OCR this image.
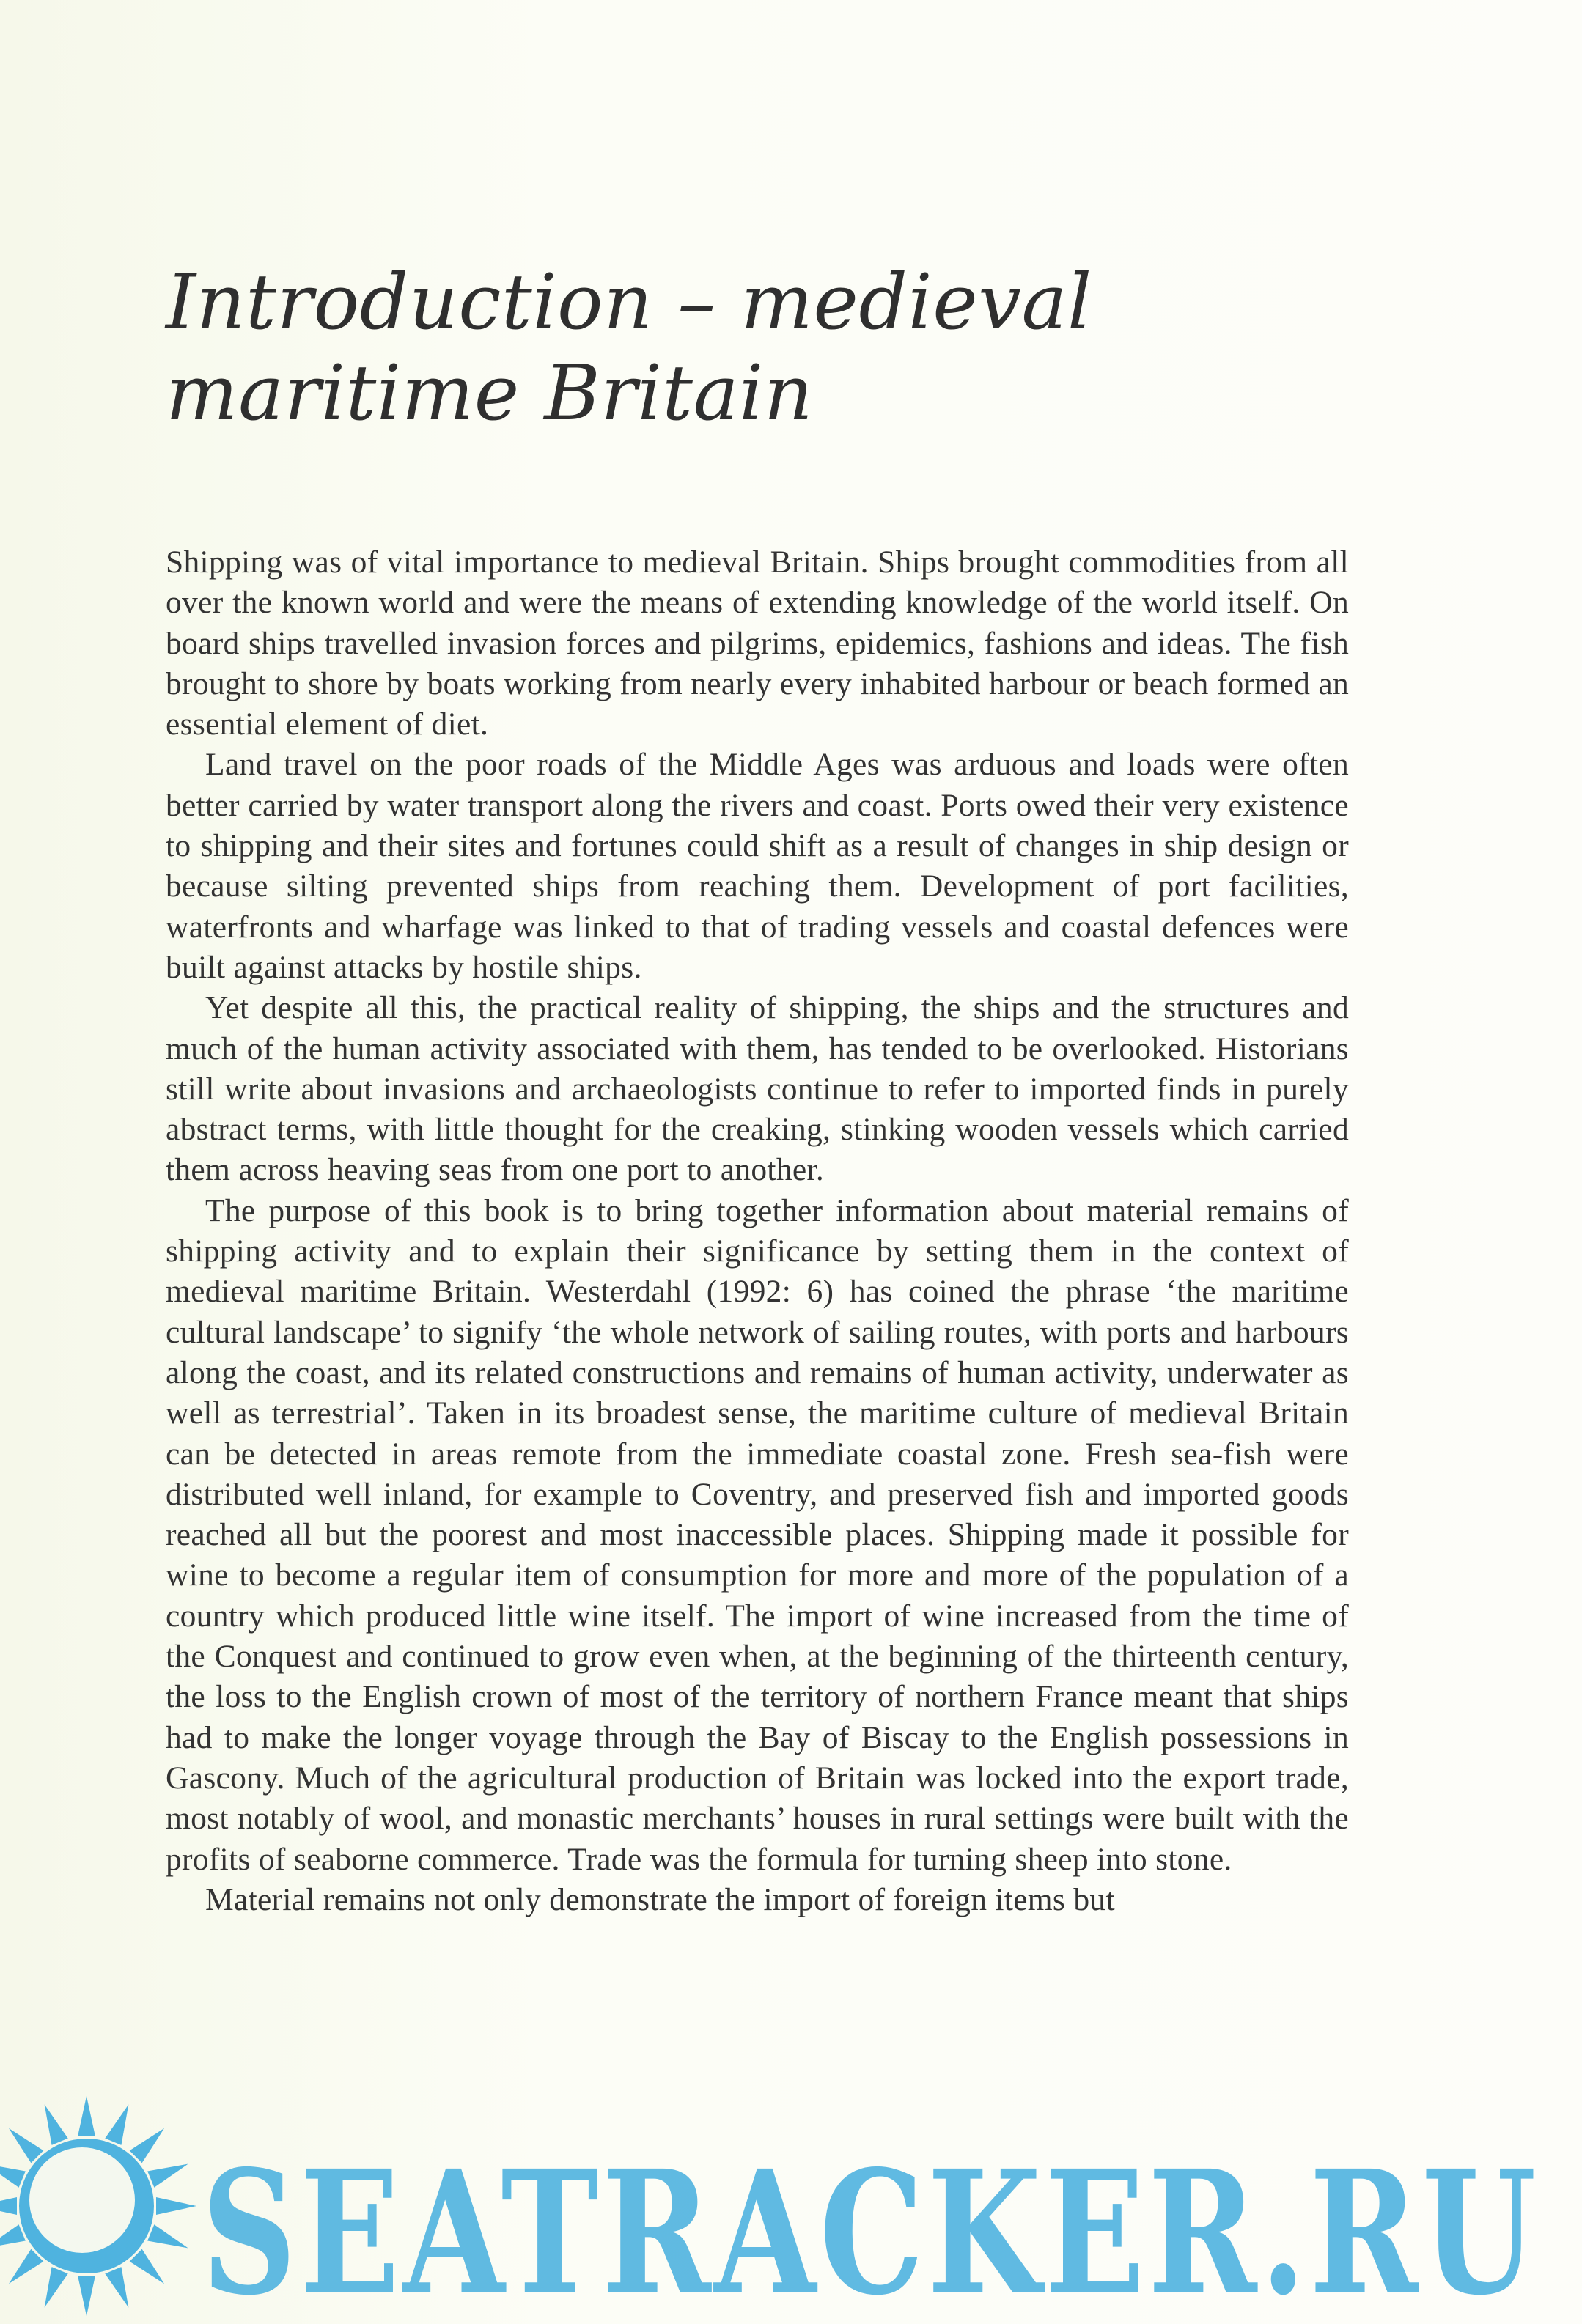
Introduction – medieval
maritime Britain

Shipping was of vital importance to medieval Britain. Ships brought commodities from all over the known world and were the means of extending knowledge of the world itself. On board ships travelled invasion forces and pilgrims, epidemics, fashions and ideas. The fish brought to shore by boats working from nearly every inhabited harbour or beach formed an essential element of diet.

Land travel on the poor roads of the Middle Ages was arduous and loads were often better carried by water transport along the rivers and coast. Ports owed their very existence to shipping and their sites and fortunes could shift as a result of changes in ship design or because silting prevented ships from reaching them. Development of port facilities, waterfronts and wharfage was linked to that of trading vessels and coastal defences were built against attacks by hostile ships.

Yet despite all this, the practical reality of shipping, the ships and the structures and much of the human activity associated with them, has tended to be overlooked. Historians still write about invasions and archaeologists continue to refer to imported finds in purely abstract terms, with little thought for the creaking, stinking wooden vessels which carried them across heaving seas from one port to another.

The purpose of this book is to bring together information about material remains of shipping activity and to explain their significance by setting them in the context of medieval maritime Britain. Westerdahl (1992: 6) has coined the phrase ‘the maritime cultural landscape’ to signify ‘the whole network of sailing routes, with ports and harbours along the coast, and its related constructions and remains of human activity, underwater as well as terrestrial’. Taken in its broadest sense, the maritime culture of medieval Britain can be detected in areas remote from the immediate coastal zone. Fresh sea-fish were distributed well inland, for example to Coventry, and preserved fish and imported goods reached all but the poorest and most inaccessible places. Shipping made it possible for wine to become a regular item of consumption for more and more of the population of a country which produced little wine itself. The import of wine increased from the time of the Conquest and continued to grow even when, at the beginning of the thirteenth century, the loss to the English crown of most of the territory of northern France meant that ships had to make the longer voyage through the Bay of Biscay to the English possessions in Gascony. Much of the agricultural production of Britain was locked into the export trade, most notably of wool, and monastic merchants’ houses in rural settings were built with the profits of seaborne commerce. Trade was the formula for turning sheep into stone.

Material remains not only demonstrate the import of foreign items but

SEATRACKER.RU
